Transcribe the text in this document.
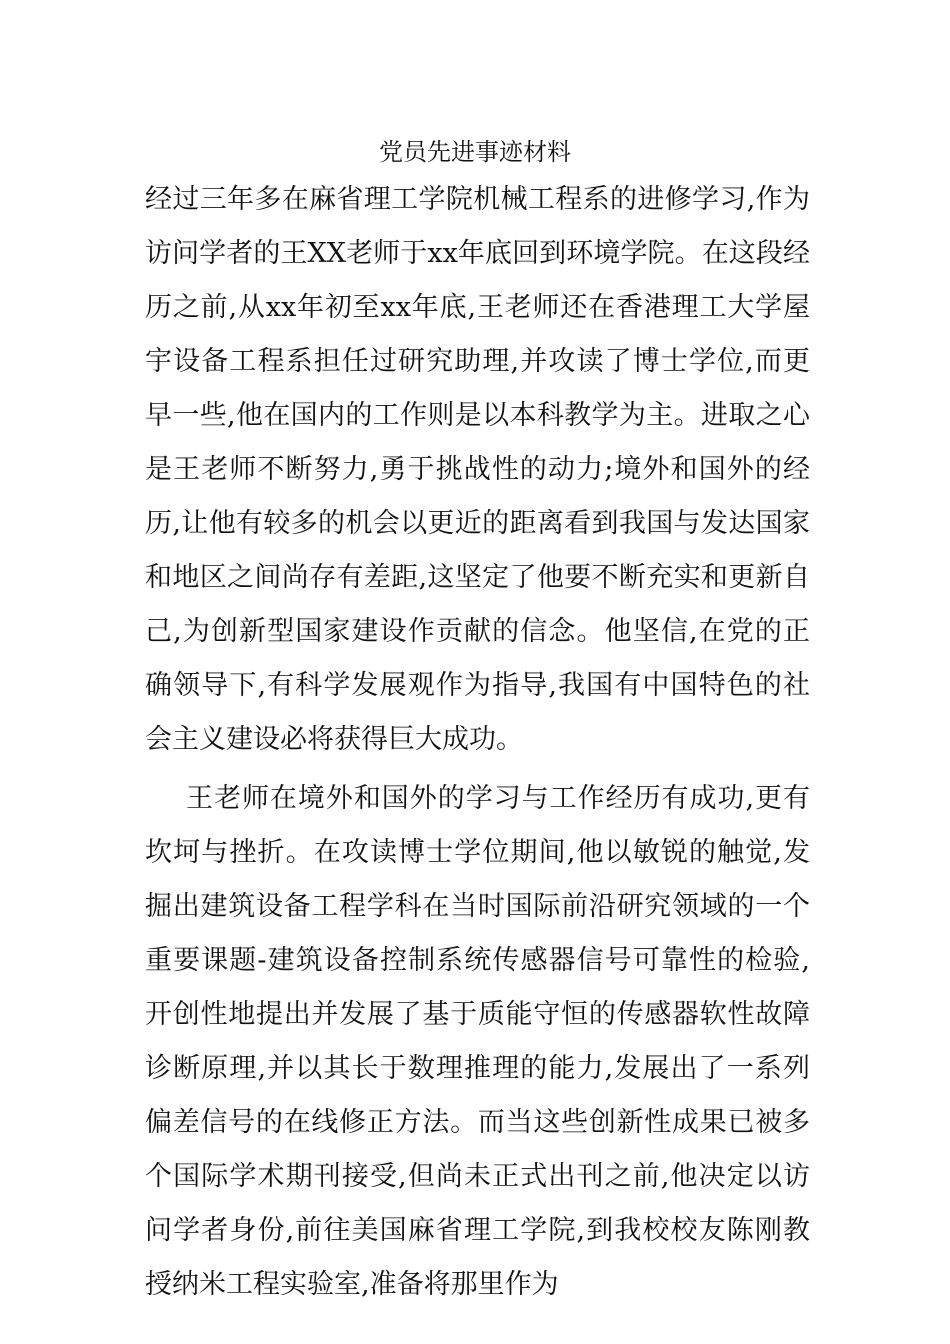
党员先进事迹材料

经过三年多在麻省理工学院机械工程系的进修学习,作为访问学者的王XX老师于xx年底回到环境学院。在这段经历之前,从xx年初至xx年底,王老师还在香港理工大学屋宇设备工程系担任过研究助理,并攻读了博士学位,而更早一些,他在国内的工作则是以本科教学为主。进取之心是王老师不断努力,勇于挑战性的动力;境外和国外的经历,让他有较多的机会以更近的距离看到我国与发达国家和地区之间尚存有差距,这坚定了他要不断充实和更新自己,为创新型国家建设作贡献的信念。他坚信,在党的正确领导下,有科学发展观作为指导,我国有中国特色的社会主义建设必将获得巨大成功。

王老师在境外和国外的学习与工作经历有成功,更有坎坷与挫折。在攻读博士学位期间,他以敏锐的触觉,发掘出建筑设备工程学科在当时国际前沿研究领域的一个重要课题-建筑设备控制系统传感器信号可靠性的检验,开创性地提出并发展了基于质能守恒的传感器软性故障诊断原理,并以其长于数理推理的能力,发展出了一系列偏差信号的在线修正方法。而当这些创新性成果已被多个国际学术期刊接受,但尚未正式出刊之前,他决定以访问学者身份,前往美国麻省理工学院,到我校校友陈刚教授纳米工程实验室,准备将那里作为
